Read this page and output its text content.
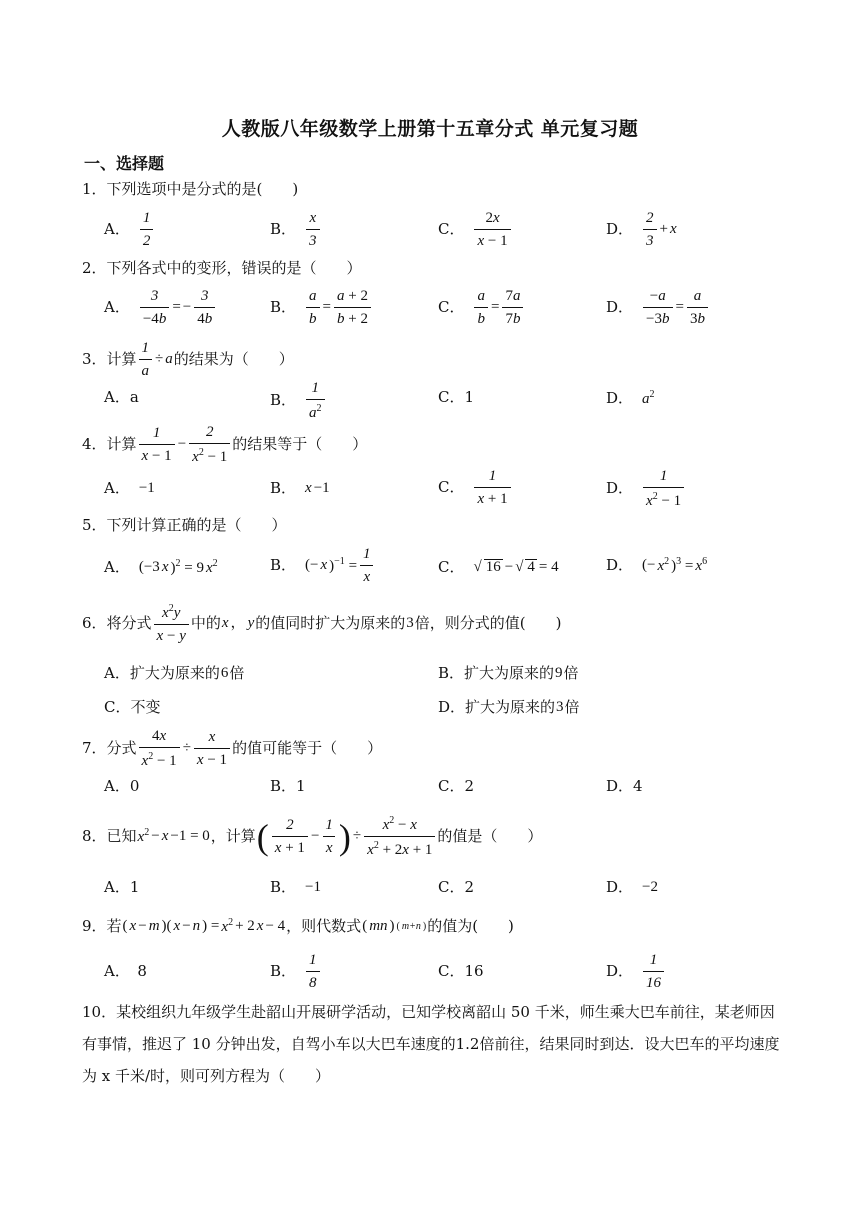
人教版八年级数学上册第十五章分式 单元复习题
一、选择题
1．下列选项中是分式的是(　　)
A． $\frac{1}{2}$	B． $\frac{x}{3}$	C． $\frac{2x}{x - 1}$	D． $\frac{2}{3} + x$
2．下列各式中的变形，错误的是（　　）
A． $\frac{3}{-4b}$ = − $\frac{3}{4b}$	B． $\frac{a}{b} = \frac{a + 2}{b + 2}$	C． $\frac{a}{b} = \frac{7a}{7b}$	D． $\frac{-a}{-3b} = \frac{a}{3b}$
3．计算 $\frac{1}{a} \div a$ 的结果为（　　）
A．a	B． $\frac{1}{a^2}$	C．1	D． $a^2$
4．计算 $\frac{1}{x - 1} - \frac{2}{x^2 - 1}$ 的结果等于（　　）
A． −1	B． x −1	C． $\frac{1}{x + 1}$	D． $\frac{1}{x^2 - 1}$
5．下列计算正确的是（　　）
A． (−3 x )$^2$ = 9 $x^2$	B． (− x )$^{-1} = \frac{1}{x}$	C． √ 16 − √ 4 = 4	D． (− $x^2$ )$^3 = x^6$
6．将分式 $\frac{x^2y}{x - y}$ 中的 x ， y 的值同时扩大为原来的 3 倍，则分式的值(　　)
A．扩大为原来的 6 倍	B．扩大为原来的 9 倍
C．不变	D．扩大为原来的 3 倍
7．分式 $\frac{4x}{x^2 - 1} \div \frac{x}{x - 1}$ 的值可能等于（　　）
A．0	B．1	C．2	D．4
8．已知 $x^2 - x -1 = 0$ ，计算 ( $\frac{2}{x + 1} - \frac{1}{x}$ ) ÷ $\frac{x^2 - x}{x^2 + 2x + 1}$ 的值是（　　）
A．1	B． −1	C．2	D． −2
9．若 ( x − m )( x − n ) = $x^2 + 2$ x − 4 ，则代数式 ( mn ) ( m+n ) 的值为(　　)
A．　8	B． $\frac{1}{8}$	C．16	D． $\frac{1}{16}$
10．某校组织九年级学生赴韶山开展研学活动，已知学校离韶山 50 千米，师生乘大巴车前往，某老师因有事情，推迟了 10 分钟出发，自驾小车以大巴车速度的1.2倍前往，结果同时到达．设大巴车的平均速度为 x 千米/时，则可列方程为（　　）
